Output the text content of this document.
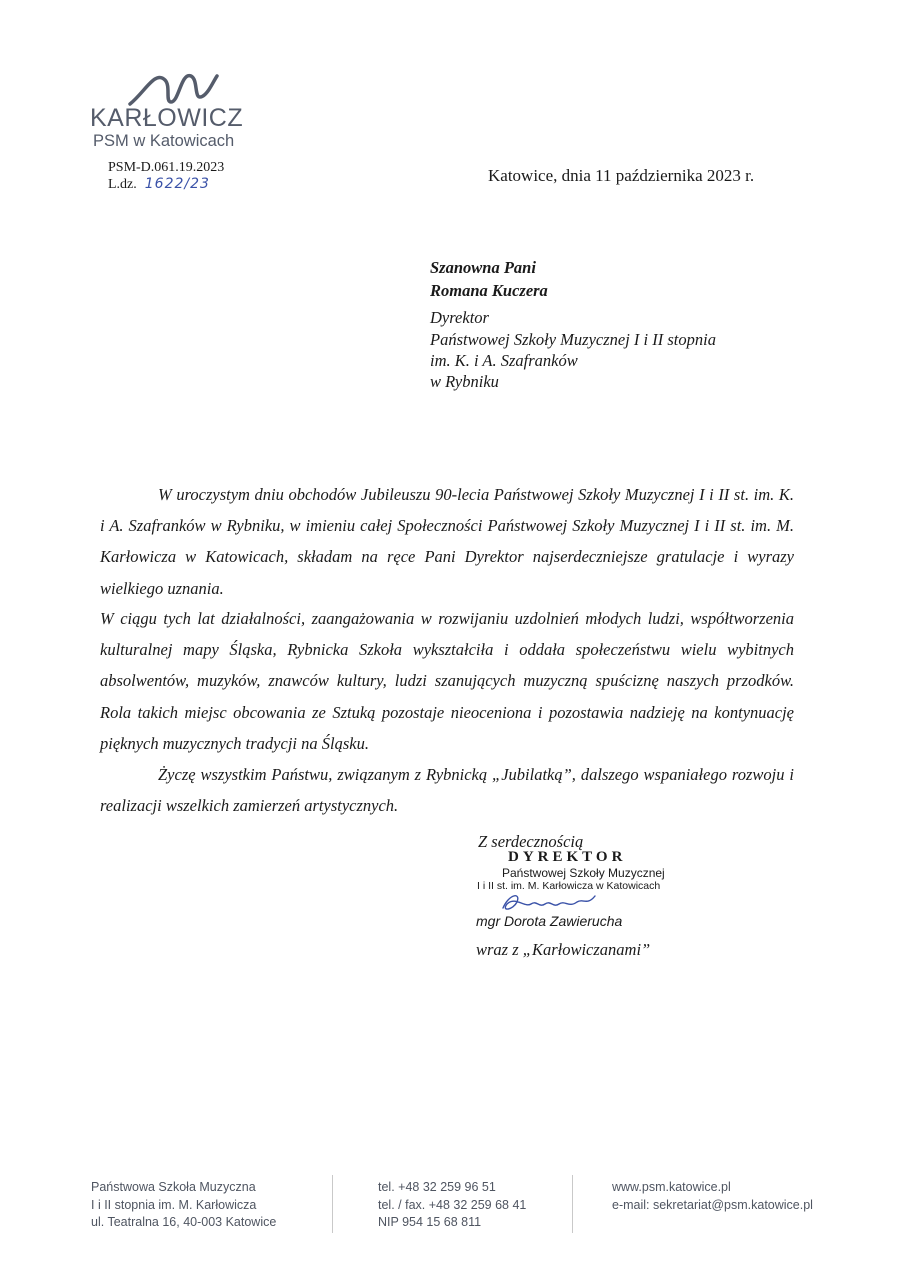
KARŁOWICZ
PSM w Katowicach
PSM-D.061.19.2023
L.dz. 1622/23	Katowice, dnia 11 października 2023 r.
Szanowna Pani
Romana Kuczera
Dyrektor
Państwowej Szkoły Muzycznej I i II stopnia
im. K. i A. Szafranków
w Rybniku
W uroczystym dniu obchodów Jubileuszu 90-lecia Państwowej Szkoły Muzycznej I i II st. im. K. i A. Szafranków w Rybniku, w imieniu całej Społeczności Państwowej Szkoły Muzycznej I i II st. im. M. Karłowicza w Katowicach, składam na ręce Pani Dyrektor najserdeczniejsze gratulacje i wyrazy wielkiego uznania.
W ciągu tych lat działalności, zaangażowania w rozwijaniu uzdolnień młodych ludzi, współtworzenia kulturalnej mapy Śląska, Rybnicka Szkoła wykształciła i oddała społeczeństwu wielu wybitnych absolwentów, muzyków, znawców kultury, ludzi szanujących muzyczną spuściznę naszych przodków. Rola takich miejsc obcowania ze Sztuką pozostaje nieoceniona i pozostawia nadzieję na kontynuację pięknych muzycznych tradycji na Śląsku.
Życzę wszystkim Państwu, związanym z Rybnicką „Jubilatką”, dalszego wspaniałego rozwoju i realizacji wszelkich zamierzeń artystycznych.
Z serdecznością
DYREKTOR
Państwowej Szkoły Muzycznej
I i II st. im. M. Karłowicza w Katowicach
mgr Dorota Zawierucha
wraz z „Karłowiczanami”
Państwowa Szkoła Muzyczna
I i II stopnia im. M. Karłowicza
ul. Teatralna 16, 40-003 Katowice
tel. +48 32 259 96 51
tel. / fax. +48 32 259 68 41
NIP 954 15 68 811
www.psm.katowice.pl
e-mail: sekretariat@psm.katowice.pl
